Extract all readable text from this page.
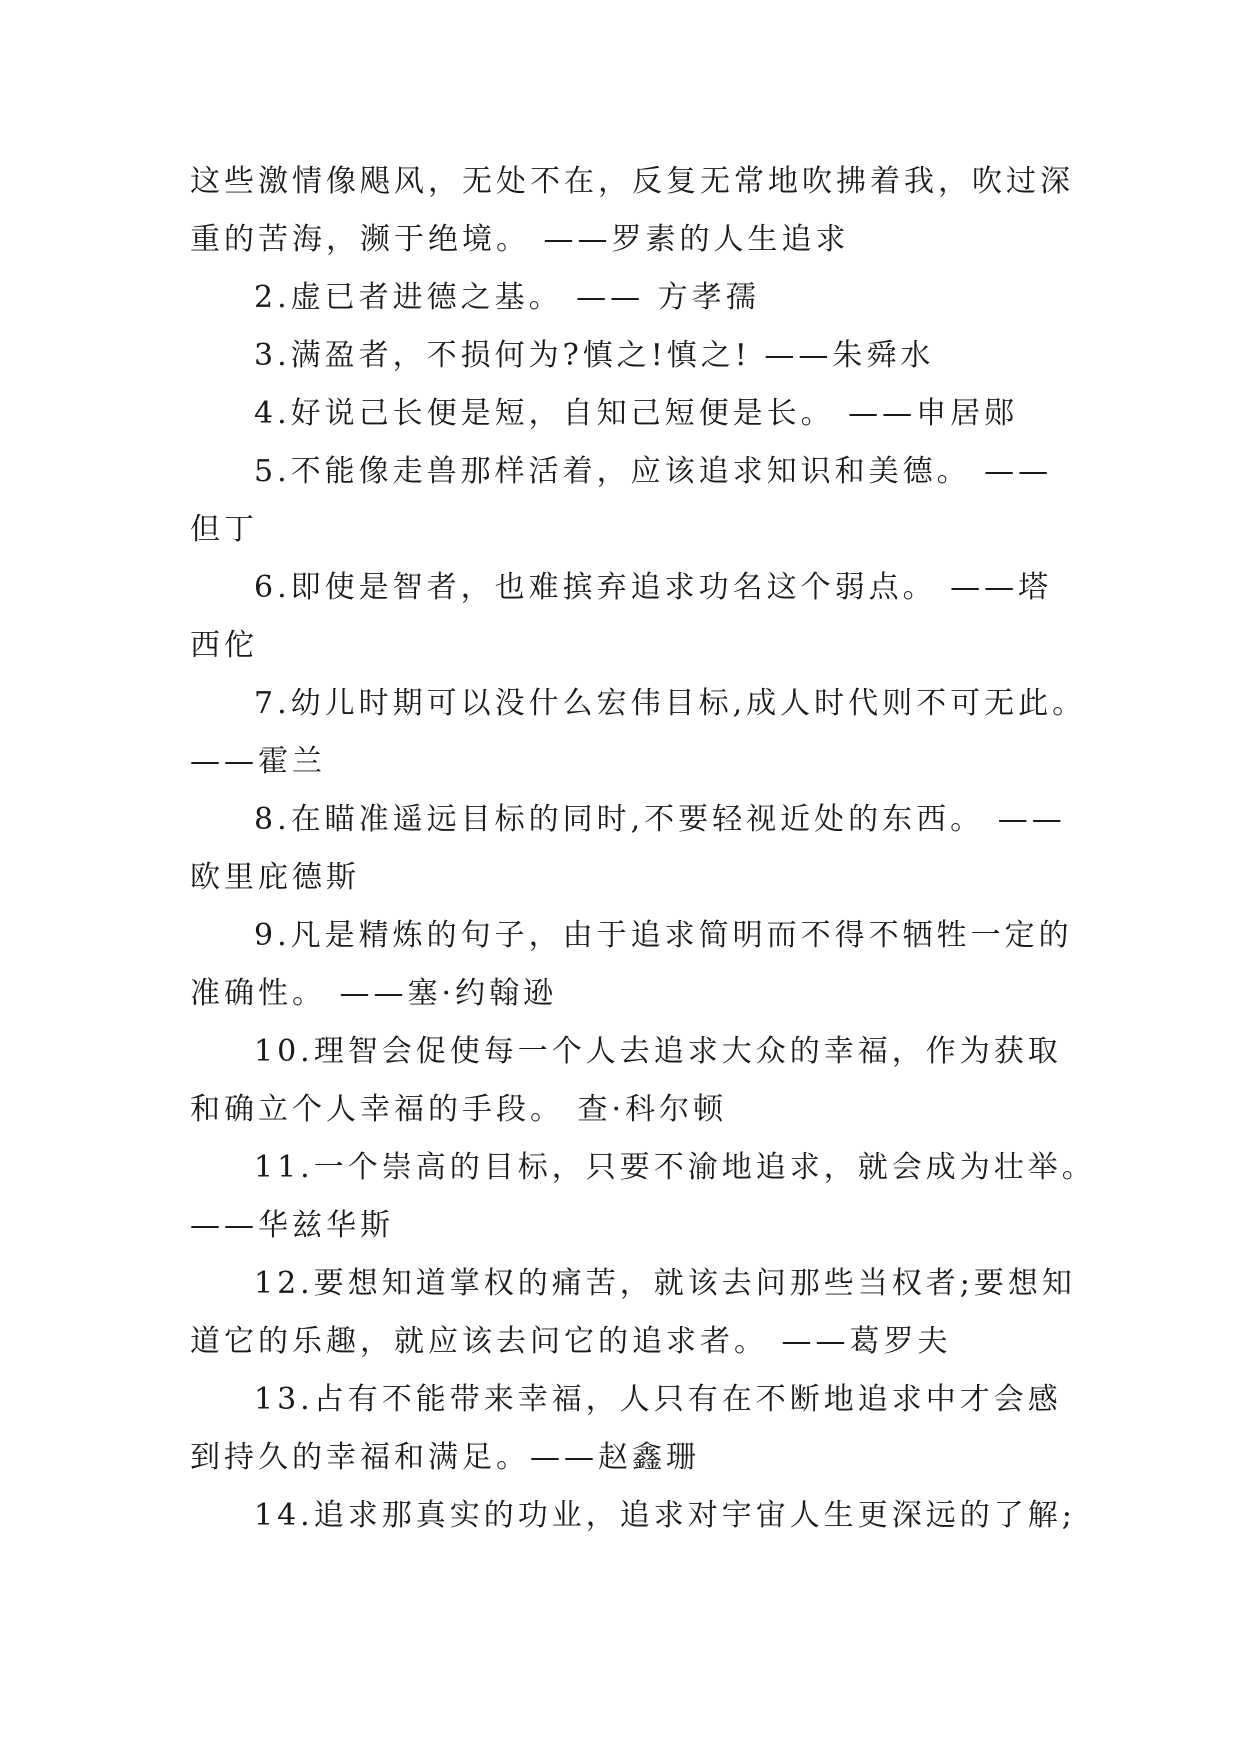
这些激情像飓风，无处不在，反复无常地吹拂着我，吹过深
重的苦海，濒于绝境。 ——罗素的人生追求
2.虚已者进德之基。 —— 方孝孺
3.满盈者，不损何为?慎之!慎之! ——朱舜水
4.好说己长便是短，自知己短便是长。 ——申居郧
5.不能像走兽那样活着，应该追求知识和美德。 ——
但丁
6.即使是智者，也难摈弃追求功名这个弱点。 ——塔
西佗
7.幼儿时期可以没什么宏伟目标,成人时代则不可无此。
——霍兰
8.在瞄准遥远目标的同时,不要轻视近处的东西。 ——
欧里庇德斯
9.凡是精炼的句子，由于追求简明而不得不牺牲一定的
准确性。 ——塞·约翰逊
10.理智会促使每一个人去追求大众的幸福，作为获取
和确立个人幸福的手段。 查·科尔顿
11.一个崇高的目标，只要不渝地追求，就会成为壮举。
——华兹华斯
12.要想知道掌权的痛苦，就该去问那些当权者;要想知
道它的乐趣，就应该去问它的追求者。 ——葛罗夫
13.占有不能带来幸福，人只有在不断地追求中才会感
到持久的幸福和满足。——赵鑫珊
14.追求那真实的功业，追求对宇宙人生更深远的了解;
